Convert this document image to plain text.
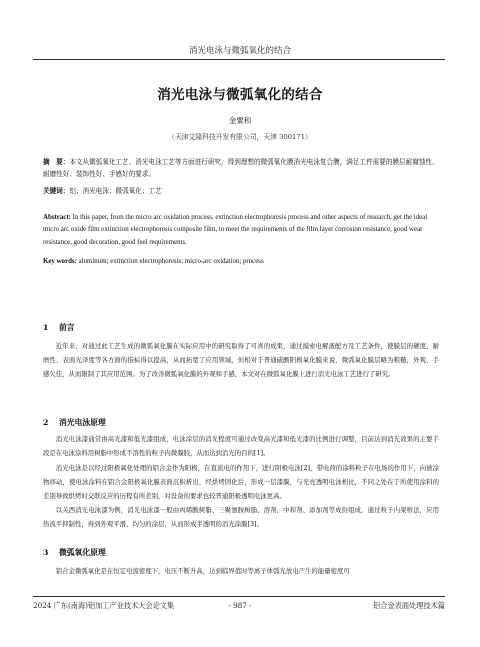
消光电泳与微弧氧化的结合
消光电泳与微弧氧化的结合
金粟和
（天津艾隆科技开发有限公司，天津 300171）
摘　要：本文从微弧氧化工艺、消光电泳工艺等方面进行研究，得到理想的微弧氧化膜消光电泳复合膜，满足工件需要的膜层耐腐蚀性、耐磨性好、装饰性好、手感好的要求。
关键词：铝；消光电泳；微弧氧化；工艺
Abstract: In this paper, from the micro arc oxidation process, extinction electrophoresis process and other aspects of research, get the ideal micro arc oxide film extinction electrophoresis composite film, to meet the requirements of the film layer corrosion resistance, good wear resistance, good decoration, good feel requirements.
Key words: aluminum; extinction electrophoresis; micro-arc oxidation; process
1 前言

近年来，对通过此工艺生成的微弧氧化膜在实际应用中的研究取得了可喜的成果，通过摸索电解液配方及工艺条件，使膜层的硬度、耐磨性、表面光泽度等各方面的指标得以提高，从而拓宽了应用领域，但相对于普通硫酸阳极氧化膜来说，微弧氧化膜层略为粗糙，外观、手感欠佳，从而限制了其应用范围。为了改善微弧氧化膜的外观和手感，本文对在微弧氧化膜上进行消光电泳工艺进行了研究。

2 消光电泳原理

消光电泳漆通常由高光漆和低光漆组成，电泳涂层的消光程度可通过改变高光漆和低光漆的比例进行调整，目前达到消光效果的主要手段是在电泳涂料用树脂中形成不溶性的粒子内微凝胶，从而达到消光的目的[1]。

消光电泳是以经过阳极氧化处理的铝合金作为阳极，在直流电的作用下，进行阳极电泳[2]，带电荷的涂料粒子在电场的作用下，向被涂物移动，使电泳涂料在铝合金阳极氧化膜表面沉积析出，经烘烤固化后，形成一层漆膜，与光亮透明电泳相比，不同之处在于所使用涂料的差别导致烘烤时交联反应的历程有所差别，对设备的要求也较普通阳极透明电泳更高。

以关西消光电泳漆为例，消光电泳漆一般由丙烯酸树脂、三聚氰胺树脂、溶剂、中和剂、添加剂等成份组成，通过粒子内架桥法，应用热流平抑制性，得到外观平滑、均匀的涂层，从而形成半透明的消光涂膜[3]。

3 微弧氧化原理

铝合金微弧氧化是在恒定电流密度下，电压不断升高，达到临界值时等离子体弧光放电产生的能量密度可

2024 广东(南海)铝加工产业技术大会论文集	- 987 -	铝合金表面处理技术篇
